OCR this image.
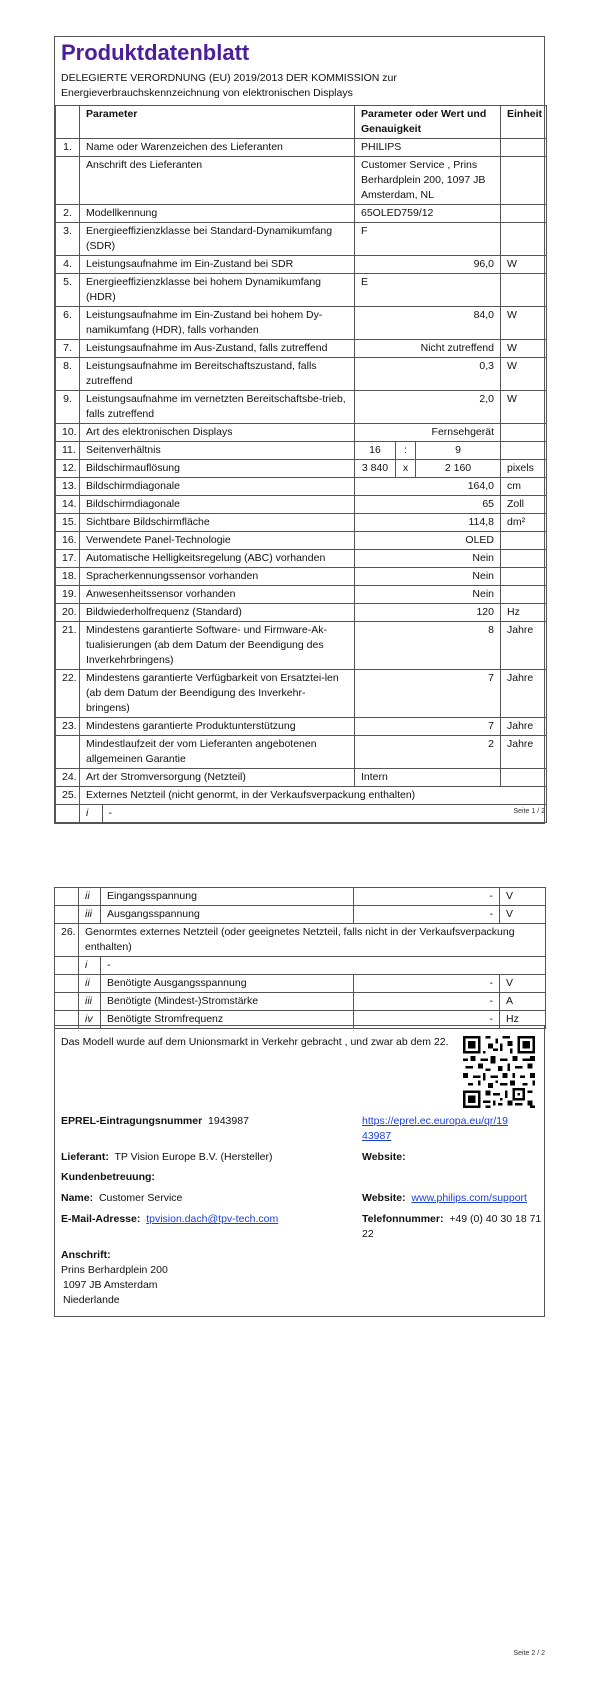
Produktdatenblatt
DELEGIERTE VERORDNUNG (EU) 2019/2013 DER KOMMISSION zur
Energieverbrauchskennzeichnung von elektronischen Displays
	Parameter	Parameter oder Wert und Genauigkeit	Einheit
1.	Name oder Warenzeichen des Lieferanten	PHILIPS	
	Anschrift des Lieferanten	Customer Service , Prins Berhardplein 200, 1097 JB Amsterdam, NL	
2.	Modellkennung	65OLED759/12	
3.	Energieeffizienzklasse bei Standard-Dynamikumfang (SDR)	F	
4.	Leistungsaufnahme im Ein-Zustand bei SDR	96,0	W
5.	Energieeffizienzklasse bei hohem Dynamikumfang (HDR)	E	
6.	Leistungsaufnahme im Ein-Zustand bei hohem Dy-namikumfang (HDR), falls vorhanden	84,0	W
7.	Leistungsaufnahme im Aus-Zustand, falls zutreffend	Nicht zutreffend	W
8.	Leistungsaufnahme im Bereitschaftszustand, falls zutreffend	0,3	W
9.	Leistungsaufnahme im vernetzten Bereitschaftsbe-trieb, falls zutreffend	2,0	W
10.	Art des elektronischen Displays	Fernsehgerät	
11.	Seitenverhältnis	16	:	9	
12.	Bildschirmauflösung	3 840	x	2 160	pixels
13.	Bildschirmdiagonale	164,0	cm
14.	Bildschirmdiagonale	65	Zoll
15.	Sichtbare Bildschirmfläche	114,8	dm²
16.	Verwendete Panel-Technologie	OLED	
17.	Automatische Helligkeitsregelung (ABC) vorhanden	Nein	
18.	Spracherkennungssensor vorhanden	Nein	
19.	Anwesenheitssensor vorhanden	Nein	
20.	Bildwiederholfrequenz (Standard)	120	Hz
21.	Mindestens garantierte Software- und Firmware-Ak-tualisierungen (ab dem Datum der Beendigung des Inverkehrbringens)	8	Jahre
22.	Mindestens garantierte Verfügbarkeit von Ersatztei-len (ab dem Datum der Beendigung des Inverkehr-bringens)	7	Jahre
23.	Mindestens garantierte Produktunterstützung	7	Jahre
	Mindestlaufzeit der vom Lieferanten angebotenen allgemeinen Garantie	2	Jahre
24.	Art der Stromversorgung (Netzteil)	Intern	
25.	Externes Netzteil (nicht genormt, in der Verkaufsverpackung enthalten)

i	-	Seite 1 / 2
	ii	Eingangsspannung	-	V
	iii	Ausgangsspannung	-	V
26.	Genormtes externes Netzteil (oder geeignetes Netzteil, falls nicht in der Verkaufsverpackung enthalten)			
	i	-		
	ii	Benötigte Ausgangsspannung	-	V
	iii	Benötigte (Mindest-)Stromstärke	-	A
	iv	Benötigte Stromfrequenz	-	Hz
Das Modell wurde auf dem Unionsmarkt in Verkehr gebracht , und zwar ab dem 22.
EPREL-Eintragungsnummer 1943987	https://eprel.ec.europa.eu/qr/19
43987
Lieferant: TP Vision Europe B.V. (Hersteller)	Website:
Kundenbetreuung:
Name: Customer Service	Website: www.philips.com/support
E-Mail-Adresse: tpvision.dach@tpv-tech.com	Telefonnummer: +49 (0) 40 30 18 71
22
Anschrift:
Prins Berhardplein 200
1097 JB Amsterdam
Niederlande
Seite 2 / 2
